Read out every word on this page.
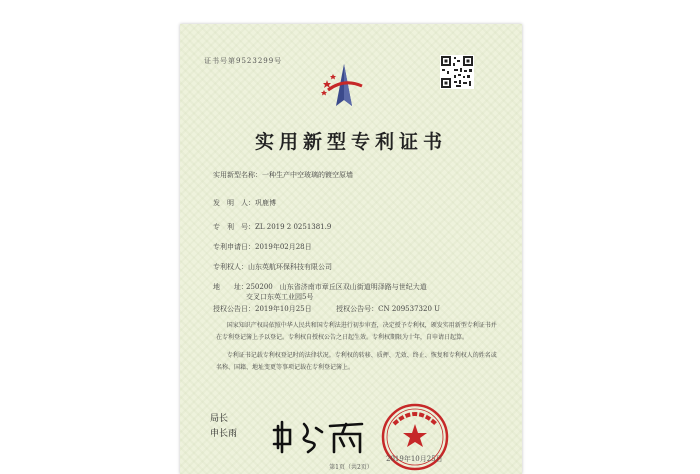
证书号第9523299号
实用新型专利证书
实用新型名称：一种生产中空玻璃的镀空原墙
发　明　人：巩鹿博
专　利　号：ZL 2019 2 0251381.9
专利申请日：2019年02月28日
专利权人：山东英航环保科技有限公司
地　　址：
250200　山东省济南市章丘区双山街道明泽路与世纪大道
交叉口东英工业园5号
授权公告日：2019年10月25日	授权公告号：CN 209537320 U
国家知识产权局依照中华人民共和国专利法进行初步审查，决定授予专利权，颁发实用新型专利证书并在专利登记簿上予以登记。专利权自授权公告之日起生效。专利权期限为十年，自申请日起算。
专利证书记载专利权登记时的法律状况。专利权的转移、质押、无效、终止、恢复和专利权人的姓名或名称、国籍、地址变更等事项记载在专利登记簿上。
局长
申长雨
2019年10月25日
第1页（共2页）
